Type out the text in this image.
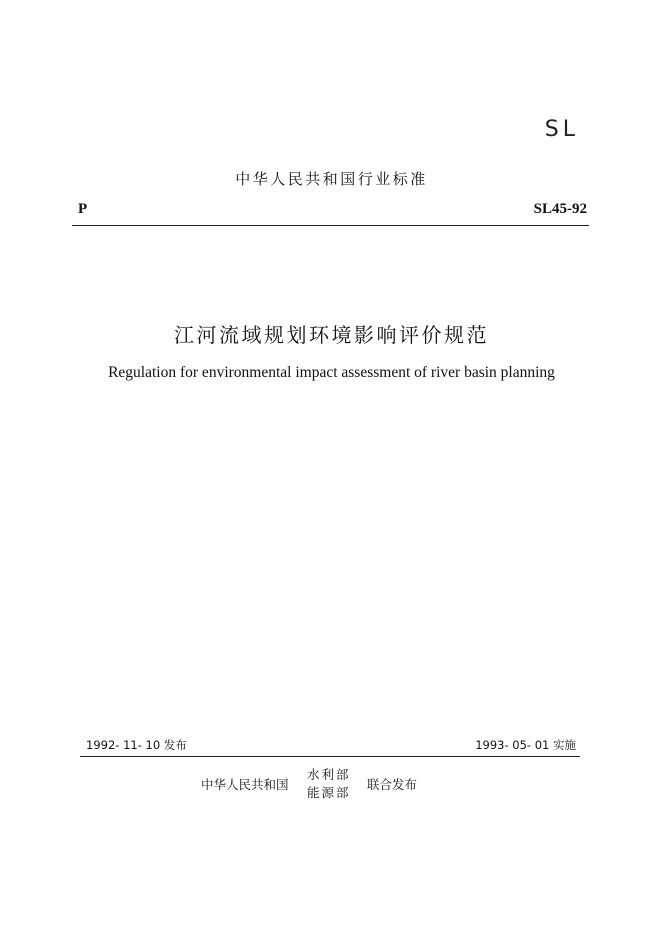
SL
中华人民共和国行业标准
P	SL45-92
江河流域规划环境影响评价规范
Regulation for environmental impact assessment of river basin planning
1992- 11- 10 发布	1993- 05- 01 实施
中华人民共和国
水利部
能源部
联合发布
